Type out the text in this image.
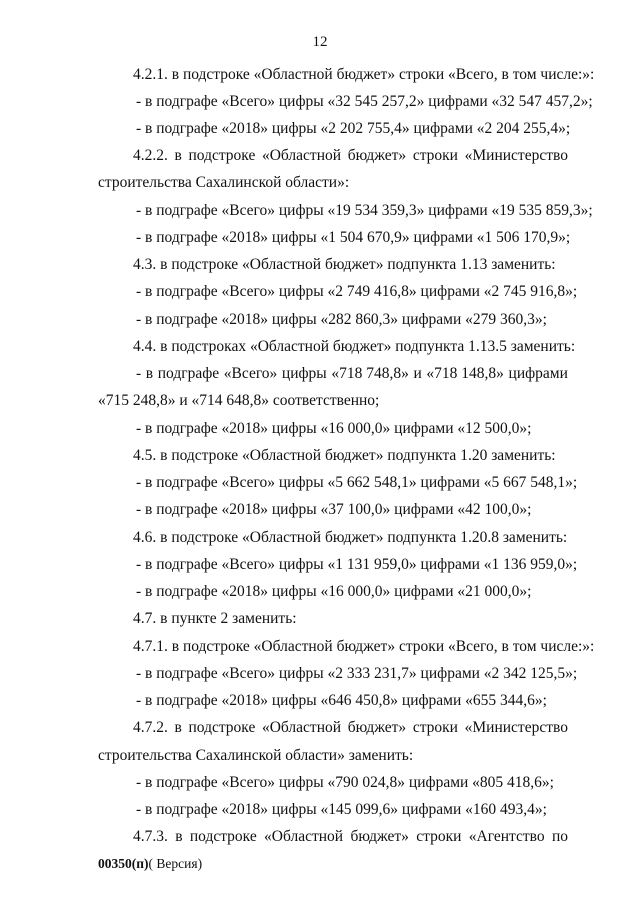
12
4.2.1. в подстроке «Областной бюджет» строки «Всего, в том числе:»:
- в подграфе «Всего» цифры «32 545 257,2» цифрами «32 547 457,2»;
- в подграфе «2018» цифры «2 202 755,4» цифрами «2 204 255,4»;
4.2.2. в подстроке «Областной бюджет» строки «Министерство
строительства Сахалинской области»:
- в подграфе «Всего» цифры «19 534 359,3» цифрами «19 535 859,3»;
- в подграфе «2018» цифры «1 504 670,9» цифрами «1 506 170,9»;
4.3. в подстроке «Областной бюджет» подпункта 1.13 заменить:
- в подграфе «Всего» цифры «2 749 416,8» цифрами «2 745 916,8»;
- в подграфе «2018» цифры «282 860,3» цифрами «279 360,3»;
4.4. в подстроках «Областной бюджет» подпункта 1.13.5 заменить:
- в подграфе «Всего» цифры «718 748,8» и «718 148,8» цифрами
«715 248,8» и «714 648,8» соответственно;
- в подграфе «2018» цифры «16 000,0» цифрами «12 500,0»;
4.5. в подстроке «Областной бюджет» подпункта 1.20 заменить:
- в подграфе «Всего» цифры «5 662 548,1» цифрами «5 667 548,1»;
- в подграфе «2018» цифры «37 100,0» цифрами «42 100,0»;
4.6. в подстроке «Областной бюджет» подпункта 1.20.8 заменить:
- в подграфе «Всего» цифры «1 131 959,0» цифрами «1 136 959,0»;
- в подграфе «2018» цифры «16 000,0» цифрами «21 000,0»;
4.7. в пункте 2 заменить:
4.7.1. в подстроке «Областной бюджет» строки «Всего, в том числе:»:
- в подграфе «Всего» цифры «2 333 231,7» цифрами «2 342 125,5»;
- в подграфе «2018» цифры «646 450,8» цифрами «655 344,6»;
4.7.2. в подстроке «Областной бюджет» строки «Министерство
строительства Сахалинской области» заменить:
- в подграфе «Всего» цифры «790 024,8» цифрами «805 418,6»;
- в подграфе «2018» цифры «145 099,6» цифрами «160 493,4»;
4.7.3. в подстроке «Областной бюджет» строки «Агентство по
00350(п)( Версия)
